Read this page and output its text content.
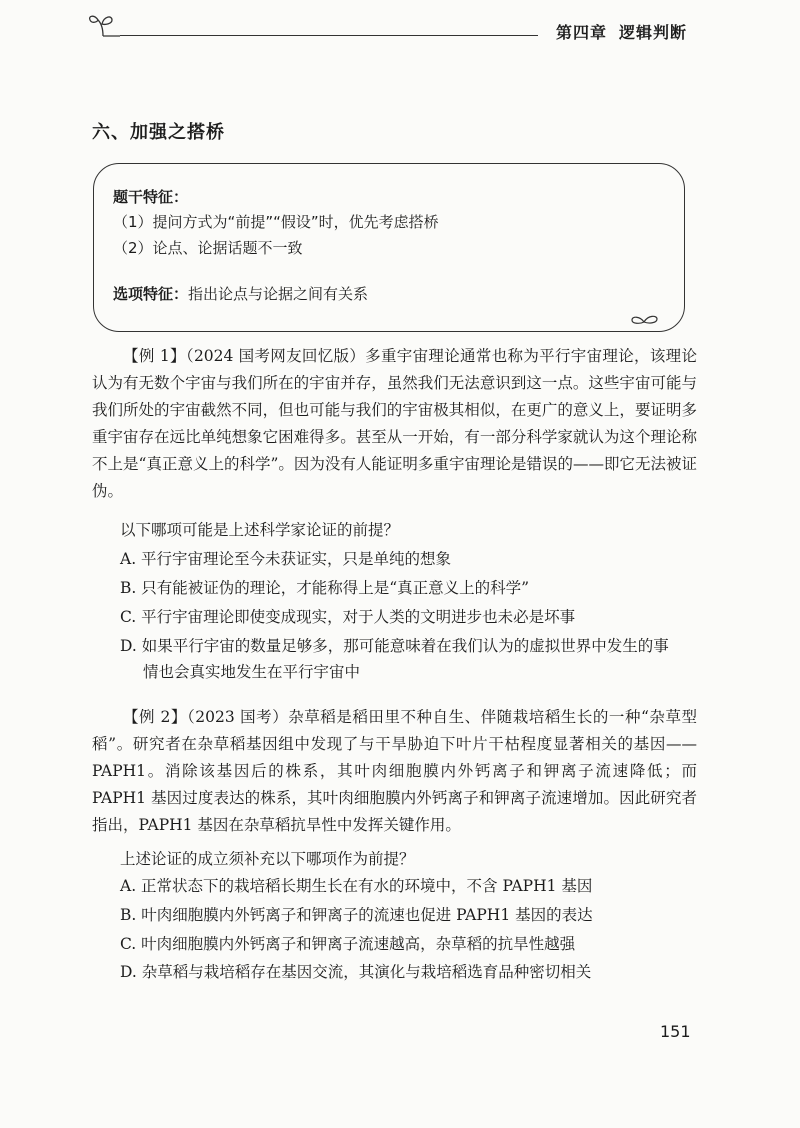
第四章 逻辑判断
六、加强之搭桥
题干特征：
（1）提问方式为“前提”“假设”时，优先考虑搭桥
（2）论点、论据话题不一致
选项特征：指出论点与论据之间有关系

【例 1】（2024 国考网友回忆版）多重宇宙理论通常也称为平行宇宙理论，该理论认为有无数个宇宙与我们所在的宇宙并存，虽然我们无法意识到这一点。这些宇宙可能与我们所处的宇宙截然不同，但也可能与我们的宇宙极其相似，在更广的意义上，要证明多重宇宙存在远比单纯想象它困难得多。甚至从一开始，有一部分科学家就认为这个理论称不上是“真正意义上的科学”。因为没有人能证明多重宇宙理论是错误的——即它无法被证伪。

以下哪项可能是上述科学家论证的前提？
A. 平行宇宙理论至今未获证实，只是单纯的想象
B. 只有能被证伪的理论，才能称得上是“真正意义上的科学”
C. 平行宇宙理论即使变成现实，对于人类的文明进步也未必是坏事
D. 如果平行宇宙的数量足够多，那可能意味着在我们认为的虚拟世界中发生的事
情也会真实地发生在平行宇宙中

【例 2】（2023 国考）杂草稻是稻田里不种自生、伴随栽培稻生长的一种“杂草型稻”。研究者在杂草稻基因组中发现了与干旱胁迫下叶片干枯程度显著相关的基因——PAPH1。消除该基因后的株系，其叶肉细胞膜内外钙离子和钾离子流速降低；而 PAPH1 基因过度表达的株系，其叶肉细胞膜内外钙离子和钾离子流速增加。因此研究者指出，PAPH1 基因在杂草稻抗旱性中发挥关键作用。

上述论证的成立须补充以下哪项作为前提？
A. 正常状态下的栽培稻长期生长在有水的环境中，不含 PAPH1 基因
B. 叶肉细胞膜内外钙离子和钾离子的流速也促进 PAPH1 基因的表达
C. 叶肉细胞膜内外钙离子和钾离子流速越高，杂草稻的抗旱性越强
D. 杂草稻与栽培稻存在基因交流，其演化与栽培稻选育品种密切相关
151
